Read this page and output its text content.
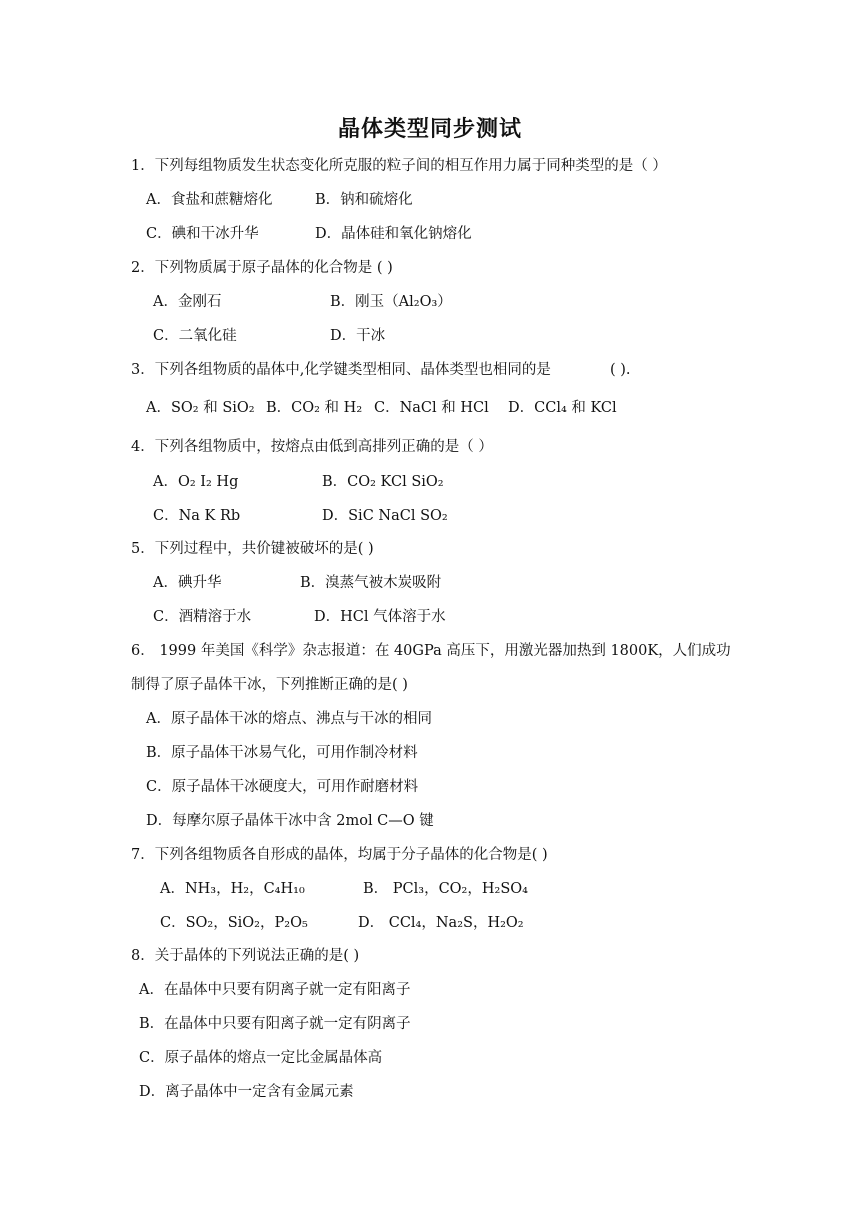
晶体类型同步测试
1．下列每组物质发生状态变化所克服的粒子间的相互作用力属于同种类型的是（ ）
A．食盐和蔗糖熔化	B．钠和硫熔化
C．碘和干冰升华	D．晶体硅和氧化钠熔化
2．下列物质属于原子晶体的化合物是 ( )
A．金刚石	B．刚玉（Al₂O₃）
C．二氧化硅	D．干冰
3．下列各组物质的晶体中,化学键类型相同、晶体类型也相同的是	( ).
A．SO₂ 和 SiO₂ B．CO₂ 和 H₂ C．NaCl 和 HCl D．CCl₄ 和 KCl
4．下列各组物质中，按熔点由低到高排列正确的是（ ）
A．O₂ I₂ Hg	B．CO₂ KCl SiO₂
C．Na K Rb	D．SiC NaCl SO₂
5．下列过程中，共价键被破坏的是( )
A．碘升华	B．溴蒸气被木炭吸附
C．酒精溶于水	D．HCl 气体溶于水
6． 1999 年美国《科学》杂志报道：在 40GPa 高压下，用激光器加热到 1800K，人们成功
制得了原子晶体干冰，下列推断正确的是( )
A．原子晶体干冰的熔点、沸点与干冰的相同
B．原子晶体干冰易气化，可用作制冷材料
C．原子晶体干冰硬度大，可用作耐磨材料
D．每摩尔原子晶体干冰中含 2mol C—O 键
7．下列各组物质各自形成的晶体，均属于分子晶体的化合物是( )
A．NH₃，H₂，C₄H₁₀	B． PCl₃，CO₂，H₂SO₄
C．SO₂，SiO₂，P₂O₅	D． CCl₄，Na₂S，H₂O₂
8．关于晶体的下列说法正确的是( )
A．在晶体中只要有阴离子就一定有阳离子
B．在晶体中只要有阳离子就一定有阴离子
C．原子晶体的熔点一定比金属晶体高
D．离子晶体中一定含有金属元素
